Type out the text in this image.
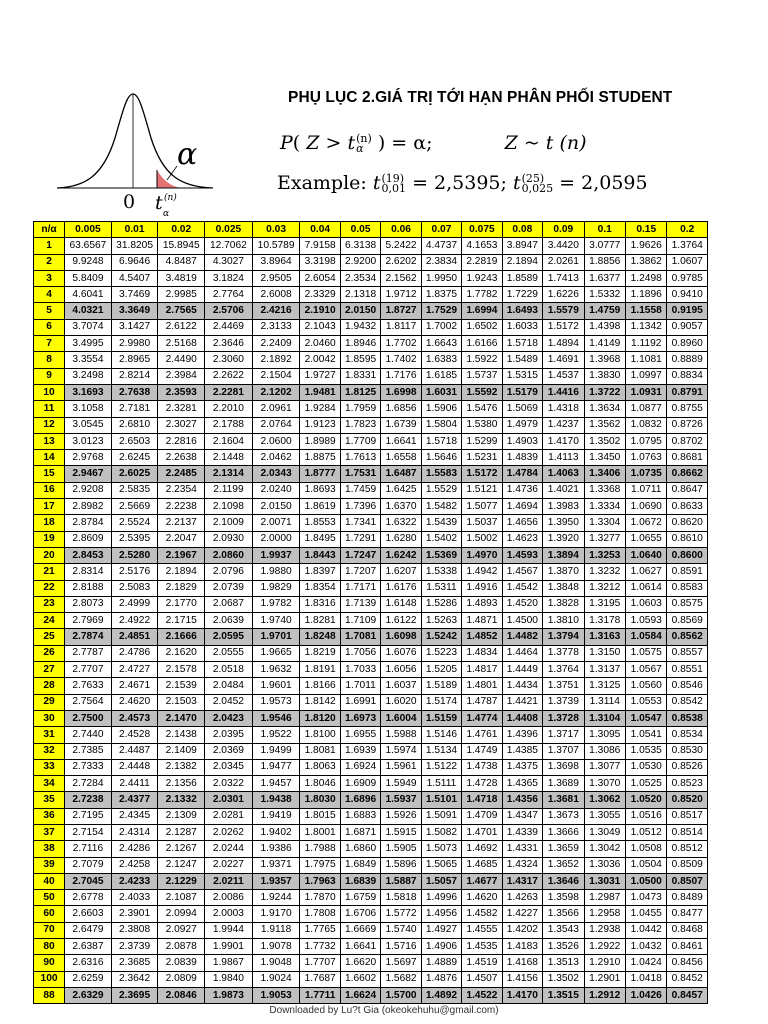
α
0 t (n)
α
PHỤ LỤC 2.GIÁ TRỊ TỚI HẠN PHÂN PHỐI STUDENT
P( Z > t (n)
α ) = α;	Z ~ t (n)
Example: t (19)
0,01 = 2,5395; t (25)
0,025 = 2,0595
n/α	0.005	0.01	0.02	0.025	0.03	0.04	0.05	0.06	0.07	0.075	0.08	0.09	0.1	0.15	0.2
1	63.6567	31.8205	15.8945	12.7062	10.5789	7.9158	6.3138	5.2422	4.4737	4.1653	3.8947	3.4420	3.0777	1.9626	1.3764
2	9.9248	6.9646	4.8487	4.3027	3.8964	3.3198	2.9200	2.6202	2.3834	2.2819	2.1894	2.0261	1.8856	1.3862	1.0607
3	5.8409	4.5407	3.4819	3.1824	2.9505	2.6054	2.3534	2.1562	1.9950	1.9243	1.8589	1.7413	1.6377	1.2498	0.9785
4	4.6041	3.7469	2.9985	2.7764	2.6008	2.3329	2.1318	1.9712	1.8375	1.7782	1.7229	1.6226	1.5332	1.1896	0.9410
5	4.0321	3.3649	2.7565	2.5706	2.4216	2.1910	2.0150	1.8727	1.7529	1.6994	1.6493	1.5579	1.4759	1.1558	0.9195
6	3.7074	3.1427	2.6122	2.4469	2.3133	2.1043	1.9432	1.8117	1.7002	1.6502	1.6033	1.5172	1.4398	1.1342	0.9057
7	3.4995	2.9980	2.5168	2.3646	2.2409	2.0460	1.8946	1.7702	1.6643	1.6166	1.5718	1.4894	1.4149	1.1192	0.8960
8	3.3554	2.8965	2.4490	2.3060	2.1892	2.0042	1.8595	1.7402	1.6383	1.5922	1.5489	1.4691	1.3968	1.1081	0.8889
9	3.2498	2.8214	2.3984	2.2622	2.1504	1.9727	1.8331	1.7176	1.6185	1.5737	1.5315	1.4537	1.3830	1.0997	0.8834
10	3.1693	2.7638	2.3593	2.2281	2.1202	1.9481	1.8125	1.6998	1.6031	1.5592	1.5179	1.4416	1.3722	1.0931	0.8791
11	3.1058	2.7181	2.3281	2.2010	2.0961	1.9284	1.7959	1.6856	1.5906	1.5476	1.5069	1.4318	1.3634	1.0877	0.8755
12	3.0545	2.6810	2.3027	2.1788	2.0764	1.9123	1.7823	1.6739	1.5804	1.5380	1.4979	1.4237	1.3562	1.0832	0.8726
13	3.0123	2.6503	2.2816	2.1604	2.0600	1.8989	1.7709	1.6641	1.5718	1.5299	1.4903	1.4170	1.3502	1.0795	0.8702
14	2.9768	2.6245	2.2638	2.1448	2.0462	1.8875	1.7613	1.6558	1.5646	1.5231	1.4839	1.4113	1.3450	1.0763	0.8681
15	2.9467	2.6025	2.2485	2.1314	2.0343	1.8777	1.7531	1.6487	1.5583	1.5172	1.4784	1.4063	1.3406	1.0735	0.8662
16	2.9208	2.5835	2.2354	2.1199	2.0240	1.8693	1.7459	1.6425	1.5529	1.5121	1.4736	1.4021	1.3368	1.0711	0.8647
17	2.8982	2.5669	2.2238	2.1098	2.0150	1.8619	1.7396	1.6370	1.5482	1.5077	1.4694	1.3983	1.3334	1.0690	0.8633
18	2.8784	2.5524	2.2137	2.1009	2.0071	1.8553	1.7341	1.6322	1.5439	1.5037	1.4656	1.3950	1.3304	1.0672	0.8620
19	2.8609	2.5395	2.2047	2.0930	2.0000	1.8495	1.7291	1.6280	1.5402	1.5002	1.4623	1.3920	1.3277	1.0655	0.8610
20	2.8453	2.5280	2.1967	2.0860	1.9937	1.8443	1.7247	1.6242	1.5369	1.4970	1.4593	1.3894	1.3253	1.0640	0.8600
21	2.8314	2.5176	2.1894	2.0796	1.9880	1.8397	1.7207	1.6207	1.5338	1.4942	1.4567	1.3870	1.3232	1.0627	0.8591
22	2.8188	2.5083	2.1829	2.0739	1.9829	1.8354	1.7171	1.6176	1.5311	1.4916	1.4542	1.3848	1.3212	1.0614	0.8583
23	2.8073	2.4999	2.1770	2.0687	1.9782	1.8316	1.7139	1.6148	1.5286	1.4893	1.4520	1.3828	1.3195	1.0603	0.8575
24	2.7969	2.4922	2.1715	2.0639	1.9740	1.8281	1.7109	1.6122	1.5263	1.4871	1.4500	1.3810	1.3178	1.0593	0.8569
25	2.7874	2.4851	2.1666	2.0595	1.9701	1.8248	1.7081	1.6098	1.5242	1.4852	1.4482	1.3794	1.3163	1.0584	0.8562
26	2.7787	2.4786	2.1620	2.0555	1.9665	1.8219	1.7056	1.6076	1.5223	1.4834	1.4464	1.3778	1.3150	1.0575	0.8557
27	2.7707	2.4727	2.1578	2.0518	1.9632	1.8191	1.7033	1.6056	1.5205	1.4817	1.4449	1.3764	1.3137	1.0567	0.8551
28	2.7633	2.4671	2.1539	2.0484	1.9601	1.8166	1.7011	1.6037	1.5189	1.4801	1.4434	1.3751	1.3125	1.0560	0.8546
29	2.7564	2.4620	2.1503	2.0452	1.9573	1.8142	1.6991	1.6020	1.5174	1.4787	1.4421	1.3739	1.3114	1.0553	0.8542
30	2.7500	2.4573	2.1470	2.0423	1.9546	1.8120	1.6973	1.6004	1.5159	1.4774	1.4408	1.3728	1.3104	1.0547	0.8538
31	2.7440	2.4528	2.1438	2.0395	1.9522	1.8100	1.6955	1.5988	1.5146	1.4761	1.4396	1.3717	1.3095	1.0541	0.8534
32	2.7385	2.4487	2.1409	2.0369	1.9499	1.8081	1.6939	1.5974	1.5134	1.4749	1.4385	1.3707	1.3086	1.0535	0.8530
33	2.7333	2.4448	2.1382	2.0345	1.9477	1.8063	1.6924	1.5961	1.5122	1.4738	1.4375	1.3698	1.3077	1.0530	0.8526
34	2.7284	2.4411	2.1356	2.0322	1.9457	1.8046	1.6909	1.5949	1.5111	1.4728	1.4365	1.3689	1.3070	1.0525	0.8523
35	2.7238	2.4377	2.1332	2.0301	1.9438	1.8030	1.6896	1.5937	1.5101	1.4718	1.4356	1.3681	1.3062	1.0520	0.8520
36	2.7195	2.4345	2.1309	2.0281	1.9419	1.8015	1.6883	1.5926	1.5091	1.4709	1.4347	1.3673	1.3055	1.0516	0.8517
37	2.7154	2.4314	2.1287	2.0262	1.9402	1.8001	1.6871	1.5915	1.5082	1.4701	1.4339	1.3666	1.3049	1.0512	0.8514
38	2.7116	2.4286	2.1267	2.0244	1.9386	1.7988	1.6860	1.5905	1.5073	1.4692	1.4331	1.3659	1.3042	1.0508	0.8512
39	2.7079	2.4258	2.1247	2.0227	1.9371	1.7975	1.6849	1.5896	1.5065	1.4685	1.4324	1.3652	1.3036	1.0504	0.8509
40	2.7045	2.4233	2.1229	2.0211	1.9357	1.7963	1.6839	1.5887	1.5057	1.4677	1.4317	1.3646	1.3031	1.0500	0.8507
50	2.6778	2.4033	2.1087	2.0086	1.9244	1.7870	1.6759	1.5818	1.4996	1.4620	1.4263	1.3598	1.2987	1.0473	0.8489
60	2.6603	2.3901	2.0994	2.0003	1.9170	1.7808	1.6706	1.5772	1.4956	1.4582	1.4227	1.3566	1.2958	1.0455	0.8477
70	2.6479	2.3808	2.0927	1.9944	1.9118	1.7765	1.6669	1.5740	1.4927	1.4555	1.4202	1.3543	1.2938	1.0442	0.8468
80	2.6387	2.3739	2.0878	1.9901	1.9078	1.7732	1.6641	1.5716	1.4906	1.4535	1.4183	1.3526	1.2922	1.0432	0.8461
90	2.6316	2.3685	2.0839	1.9867	1.9048	1.7707	1.6620	1.5697	1.4889	1.4519	1.4168	1.3513	1.2910	1.0424	0.8456
100	2.6259	2.3642	2.0809	1.9840	1.9024	1.7687	1.6602	1.5682	1.4876	1.4507	1.4156	1.3502	1.2901	1.0418	0.8452
88	2.6329	2.3695	2.0846	1.9873	1.9053	1.7711	1.6624	1.5700	1.4892	1.4522	1.4170	1.3515	1.2912	1.0426	0.8457
Downloaded by Lu?t Gia (okeokehuhu@gmail.com)
